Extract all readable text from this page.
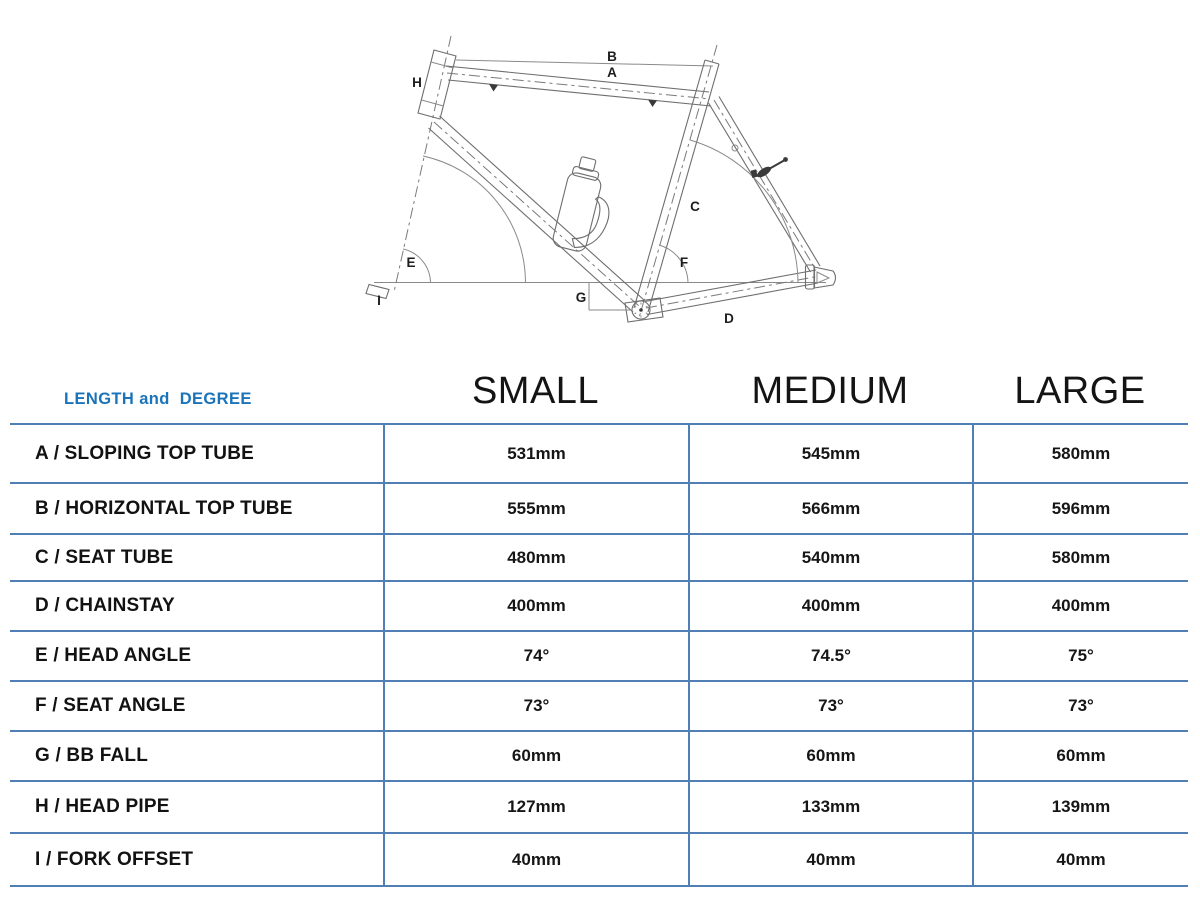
A
B
C
D
E	F
G
H
I
LENGTH and  DEGREE	SMALL	MEDIUM	LARGE
A / SLOPING TOP TUBE	531mm	545mm	580mm
B / HORIZONTAL TOP TUBE	555mm	566mm	596mm
C / SEAT TUBE	480mm	540mm	580mm
D / CHAINSTAY	400mm	400mm	400mm
E / HEAD ANGLE	74°	74.5°	75°
F / SEAT ANGLE	73°	73°	73°
G / BB FALL	60mm	60mm	60mm
H / HEAD PIPE	127mm	133mm	139mm
I / FORK OFFSET	40mm	40mm	40mm
